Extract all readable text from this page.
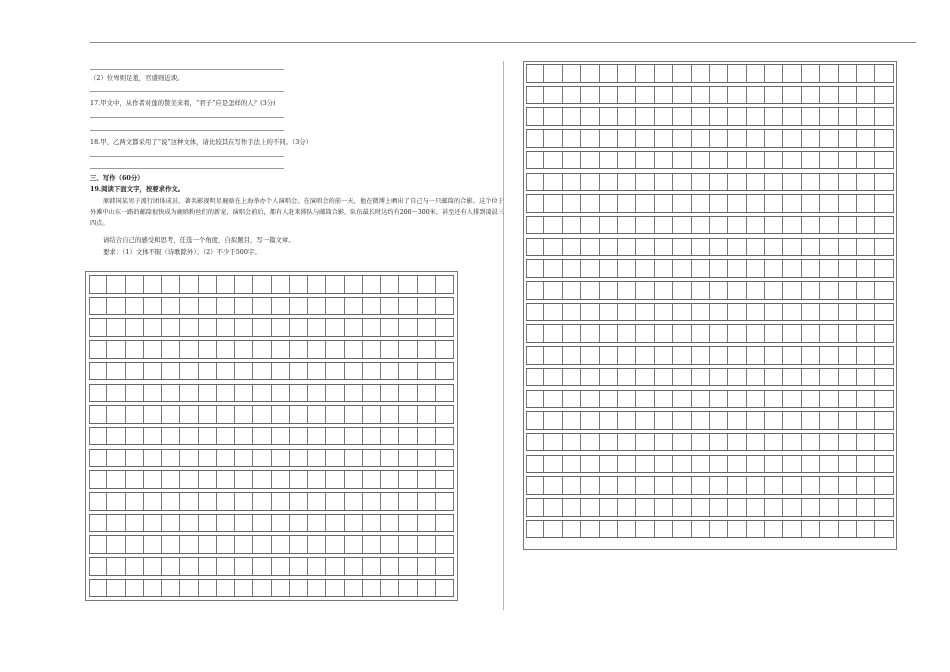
（2）位卑则足羞，官盛则近谀。
17.甲文中，从作者对莲的赞美来看，“君子”应是怎样的人？(3分)
18.甲、乙两文都采用了“说”这种文体，请比较其在写作手法上的不同。（3分）
三、写作（60分）
19.阅读下面文字，按要求作文。
原韩国某男子流行团体成员、著名影视明星鹿晗在上海举办个人演唱会。在演唱会的前一天，他在微博上晒出了自己与一只邮筒的合影。这个位于外滩中山东一路的邮筒很快成为鹿晗粉丝们的新宠，演唱会前后，都有人赶来排队与邮筒合影，队伍最长时达约有200～300米，甚至还有人排到凌晨三四点。
请结合自己的感受和思考，任选一个角度，自拟题目，写一篇文章。
要求：（1）文体不限（诗歌除外）；（2）不少于500字。
